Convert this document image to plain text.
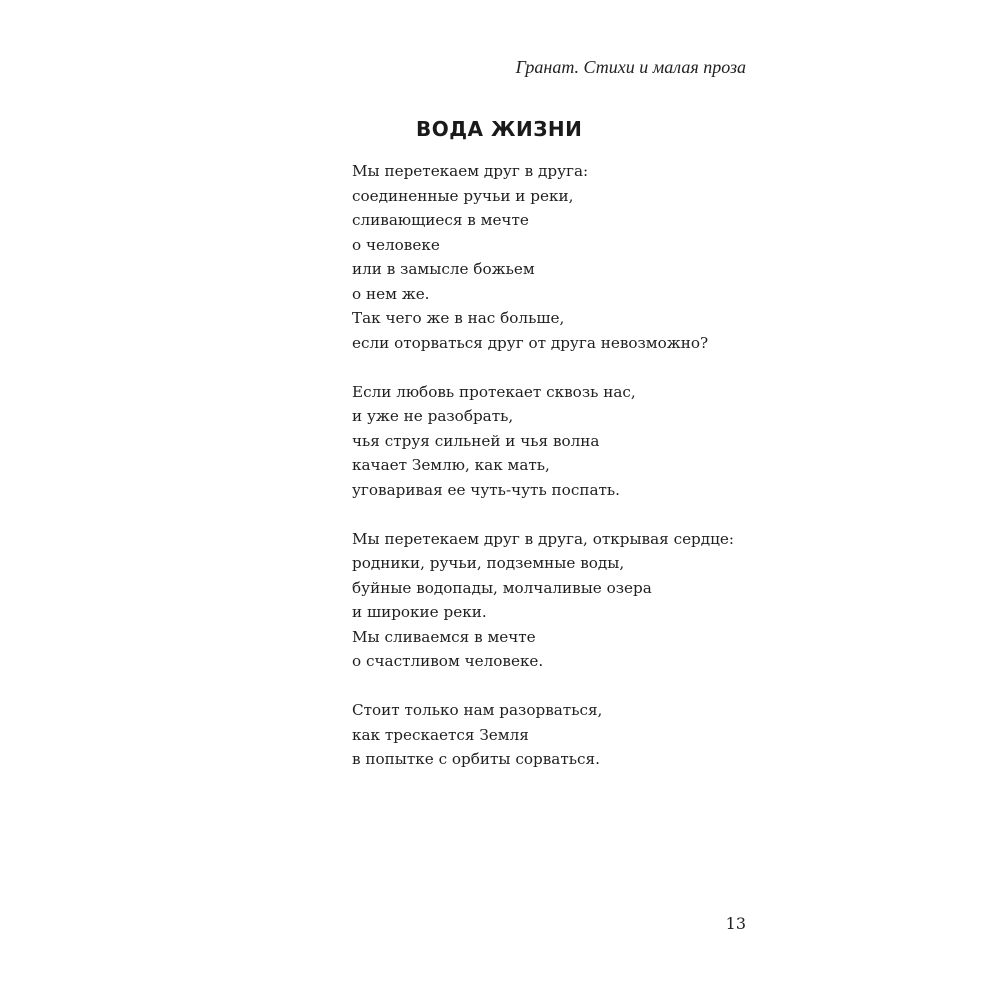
Гранат. Стихи и малая проза
ВОДА ЖИЗНИ
Мы перетекаем друг в друга:
соединенные ручьи и реки,
сливающиеся в мечте
о человеке
или в замысле божьем
о нем же.
Так чего же в нас больше,
если оторваться друг от друга невозможно?
Если любовь протекает сквозь нас,
и уже не разобрать,
чья струя сильней и чья волна
качает Землю, как мать,
уговаривая ее чуть-чуть поспать.
Мы перетекаем друг в друга, открывая сердце:
родники, ручьи, подземные воды,
буйные водопады, молчаливые озера
и широкие реки.
Мы сливаемся в мечте
о счастливом человеке.
Стоит только нам разорваться,
как трескается Земля
в попытке с орбиты сорваться.
13
